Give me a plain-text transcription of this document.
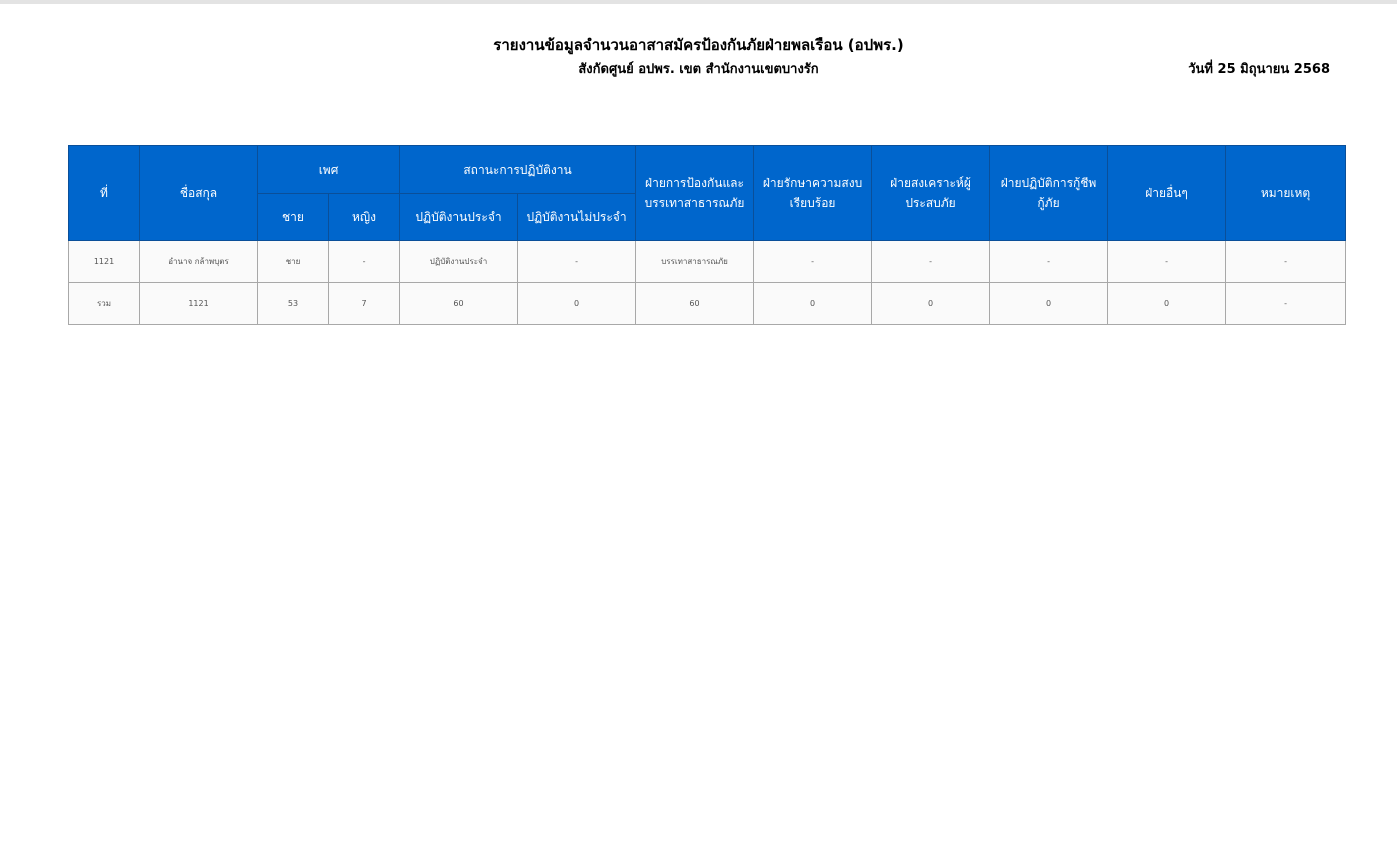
รายงานข้อมูลจำนวนอาสาสมัครป้องกันภัยฝ่ายพลเรือน (อปพร.)
สังกัดศูนย์ อปพร. เขต สำนักงานเขตบางรัก	วันที่ 25 มิถุนายน 2568
ที่	ชื่อสกุล	เพศ		สถานะการปฏิบัติงาน		ฝ่ายการป้องกันและบรรเทาสาธารณภัย	ฝ่ายรักษาความสงบเรียบร้อย	ฝ่ายสงเคราะห์ผู้ประสบภัย	ฝ่ายปฏิบัติการกู้ชีพกู้ภัย	ฝ่ายอื่นๆ	หมายเหตุ
		ชาย	หญิง	ปฏิบัติงานประจำ	ปฏิบัติงานไม่ประจำ						
1121	อำนาจ กล้าพบุตร	ชาย	-	ปฏิบัติงานประจำ	-	บรรเทาสาธารณภัย	-	-	-	-	-
รวม	1121	53	7	60	0	60	0	0	0	0	-
